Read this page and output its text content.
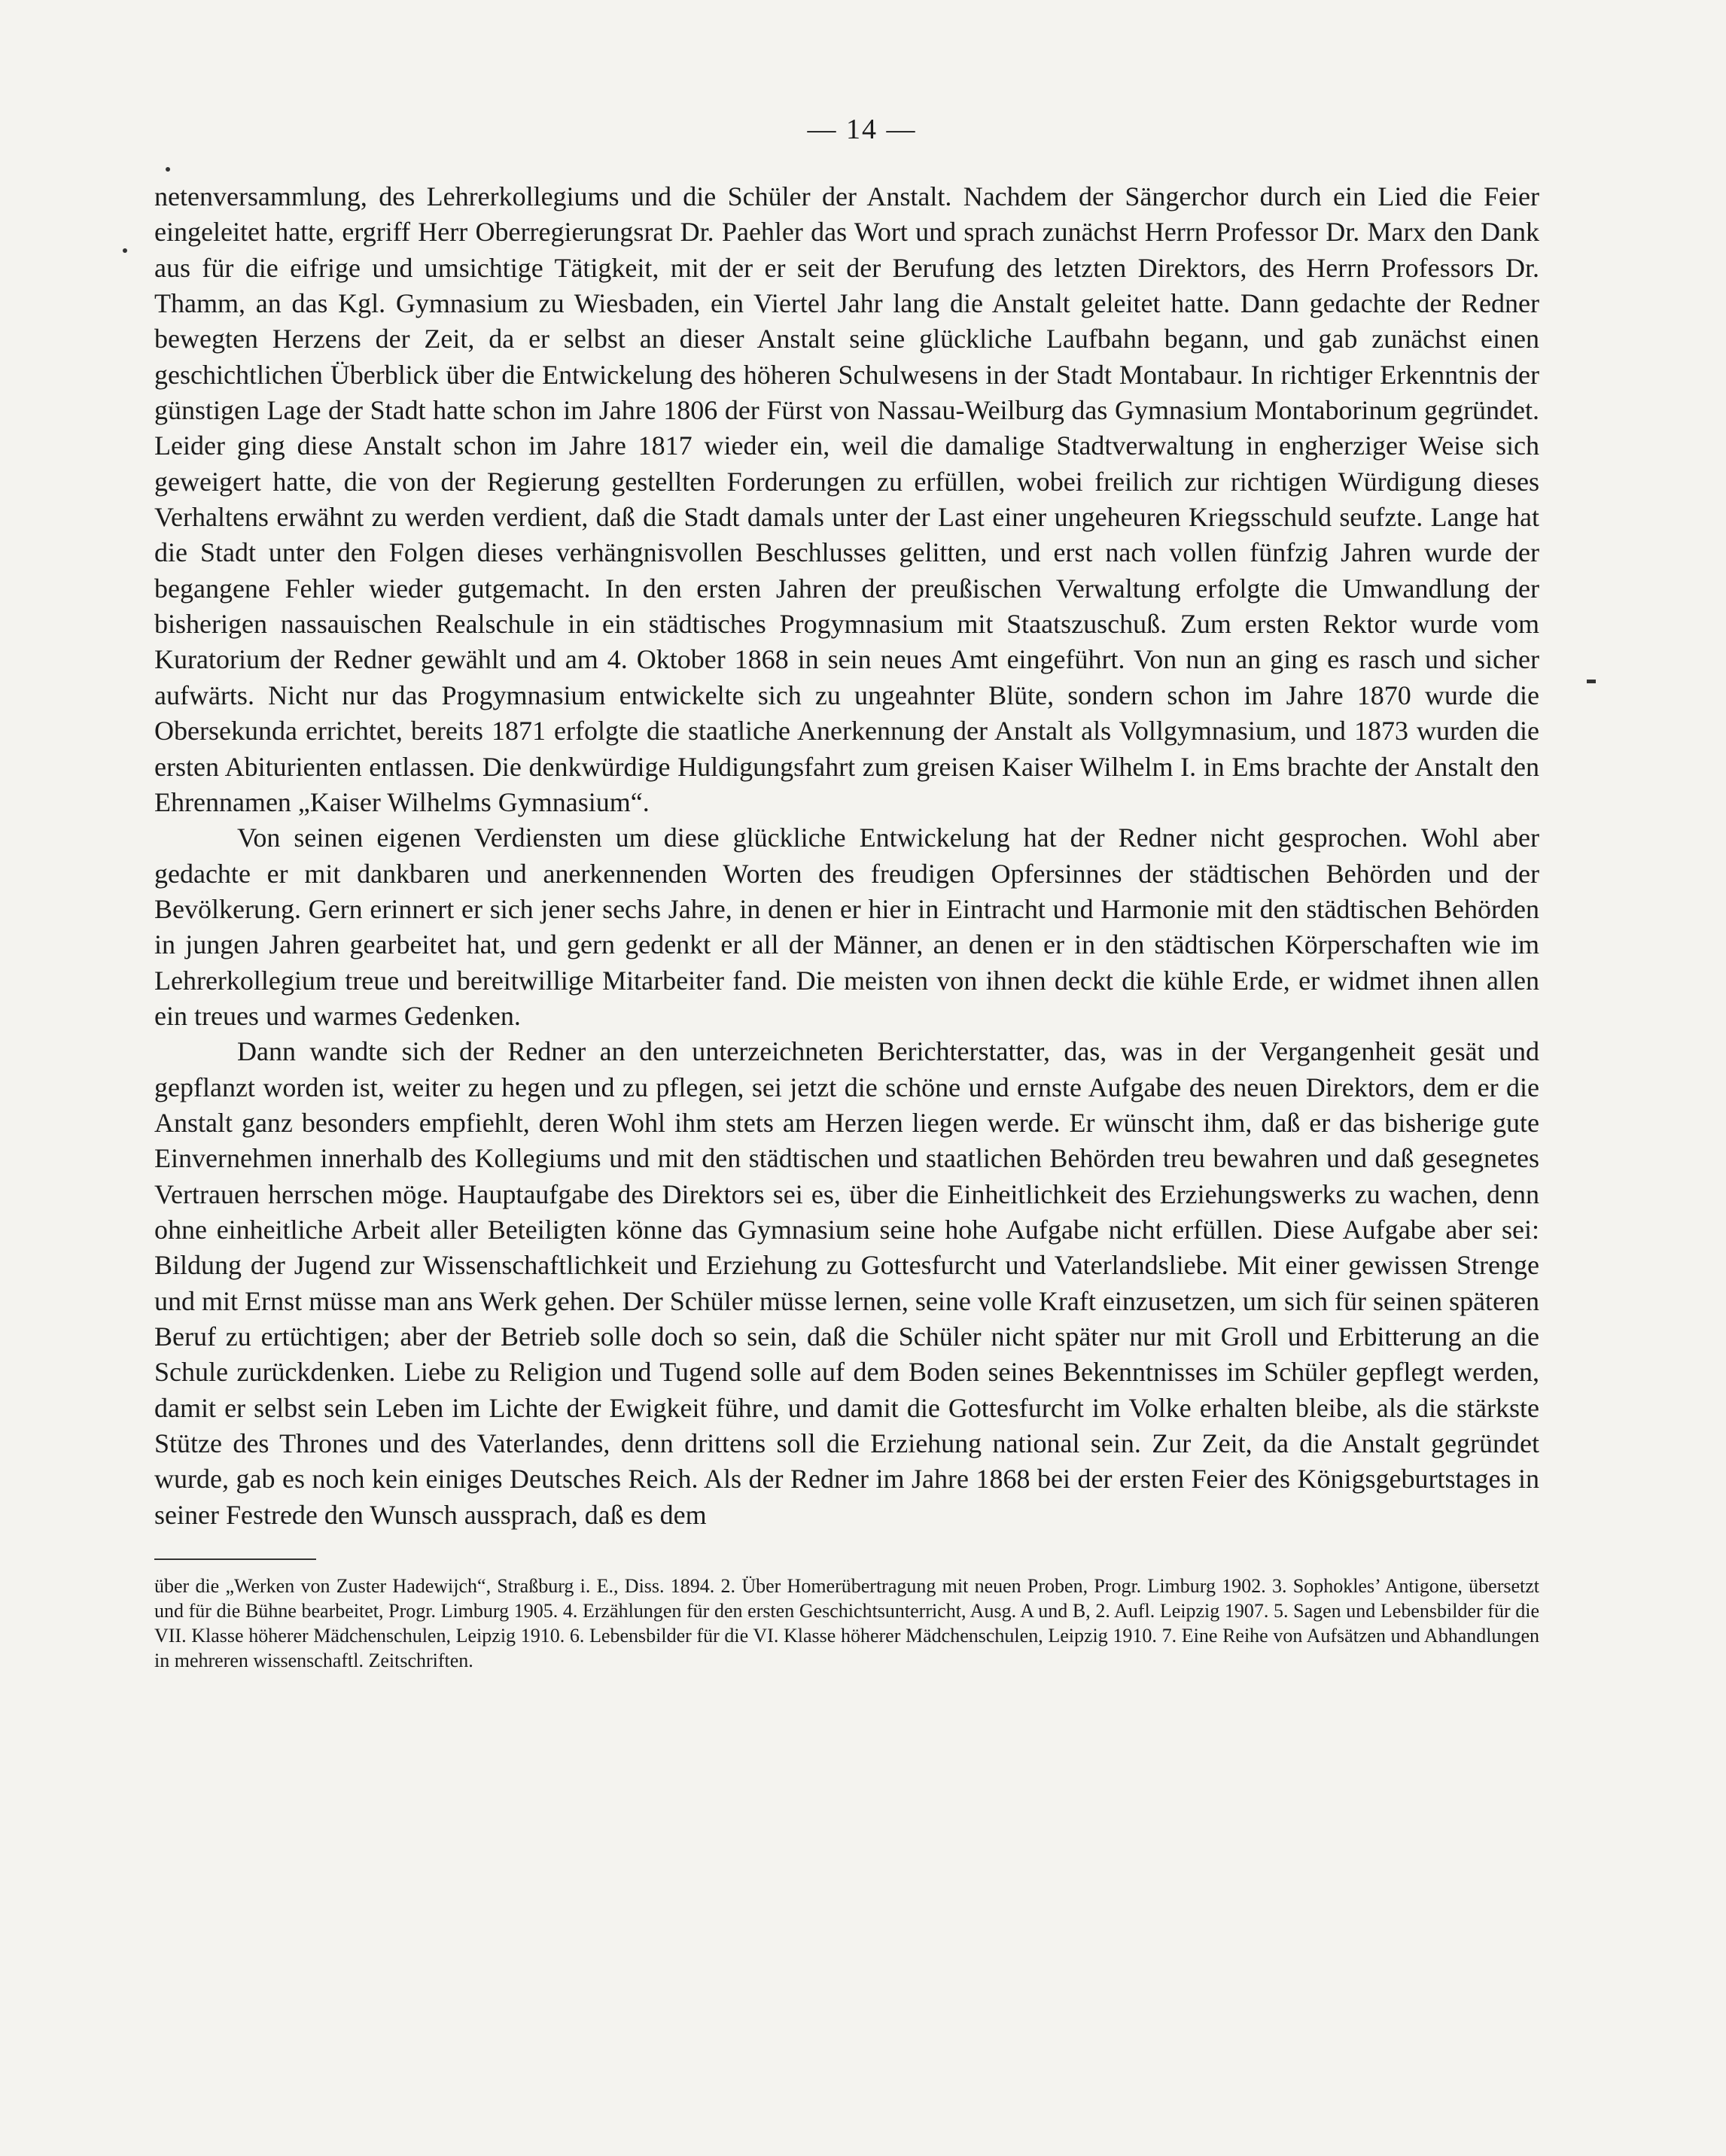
— 14 —

netenversammlung, des Lehrerkollegiums und die Schüler der Anstalt. Nachdem der Sängerchor durch ein Lied die Feier eingeleitet hatte, ergriff Herr Oberregierungsrat Dr. Paehler das Wort und sprach zunächst Herrn Professor Dr. Marx den Dank aus für die eifrige und umsichtige Tätigkeit, mit der er seit der Berufung des letzten Direktors, des Herrn Professors Dr. Thamm, an das Kgl. Gymnasium zu Wiesbaden, ein Viertel Jahr lang die Anstalt geleitet hatte. Dann gedachte der Redner bewegten Herzens der Zeit, da er selbst an dieser Anstalt seine glückliche Laufbahn begann, und gab zunächst einen geschichtlichen Überblick über die Entwickelung des höheren Schulwesens in der Stadt Montabaur. In richtiger Erkenntnis der günstigen Lage der Stadt hatte schon im Jahre 1806 der Fürst von Nassau-Weilburg das Gymnasium Montaborinum gegründet. Leider ging diese Anstalt schon im Jahre 1817 wieder ein, weil die damalige Stadtverwaltung in engherziger Weise sich geweigert hatte, die von der Regierung gestellten Forderungen zu erfüllen, wobei freilich zur richtigen Würdigung dieses Verhaltens erwähnt zu werden verdient, daß die Stadt damals unter der Last einer ungeheuren Kriegsschuld seufzte. Lange hat die Stadt unter den Folgen dieses verhängnisvollen Beschlusses gelitten, und erst nach vollen fünfzig Jahren wurde der begangene Fehler wieder gutgemacht. In den ersten Jahren der preußischen Verwaltung erfolgte die Umwandlung der bisherigen nassauischen Realschule in ein städtisches Progymnasium mit Staatszuschuß. Zum ersten Rektor wurde vom Kuratorium der Redner gewählt und am 4. Oktober 1868 in sein neues Amt eingeführt. Von nun an ging es rasch und sicher aufwärts. Nicht nur das Progymnasium entwickelte sich zu ungeahnter Blüte, sondern schon im Jahre 1870 wurde die Obersekunda errichtet, bereits 1871 erfolgte die staatliche Anerkennung der Anstalt als Vollgymnasium, und 1873 wurden die ersten Abiturienten entlassen. Die denkwürdige Huldigungsfahrt zum greisen Kaiser Wilhelm I. in Ems brachte der Anstalt den Ehrennamen „Kaiser Wilhelms Gymnasium“.

Von seinen eigenen Verdiensten um diese glückliche Entwickelung hat der Redner nicht gesprochen. Wohl aber gedachte er mit dankbaren und anerkennenden Worten des freudigen Opfersinnes der städtischen Behörden und der Bevölkerung. Gern erinnert er sich jener sechs Jahre, in denen er hier in Eintracht und Harmonie mit den städtischen Behörden in jungen Jahren gearbeitet hat, und gern gedenkt er all der Männer, an denen er in den städtischen Körperschaften wie im Lehrerkollegium treue und bereitwillige Mitarbeiter fand. Die meisten von ihnen deckt die kühle Erde, er widmet ihnen allen ein treues und warmes Gedenken.

Dann wandte sich der Redner an den unterzeichneten Berichterstatter, das, was in der Vergangenheit gesät und gepflanzt worden ist, weiter zu hegen und zu pflegen, sei jetzt die schöne und ernste Aufgabe des neuen Direktors, dem er die Anstalt ganz besonders empfiehlt, deren Wohl ihm stets am Herzen liegen werde. Er wünscht ihm, daß er das bisherige gute Einvernehmen innerhalb des Kollegiums und mit den städtischen und staatlichen Behörden treu bewahren und daß gesegnetes Vertrauen herrschen möge. Hauptaufgabe des Direktors sei es, über die Einheitlichkeit des Erziehungswerks zu wachen, denn ohne einheitliche Arbeit aller Beteiligten könne das Gymnasium seine hohe Aufgabe nicht erfüllen. Diese Aufgabe aber sei: Bildung der Jugend zur Wissenschaftlichkeit und Erziehung zu Gottesfurcht und Vaterlandsliebe. Mit einer gewissen Strenge und mit Ernst müsse man ans Werk gehen. Der Schüler müsse lernen, seine volle Kraft einzusetzen, um sich für seinen späteren Beruf zu ertüchtigen; aber der Betrieb solle doch so sein, daß die Schüler nicht später nur mit Groll und Erbitterung an die Schule zurückdenken. Liebe zu Religion und Tugend solle auf dem Boden seines Bekenntnisses im Schüler gepflegt werden, damit er selbst sein Leben im Lichte der Ewigkeit führe, und damit die Gottesfurcht im Volke erhalten bleibe, als die stärkste Stütze des Thrones und des Vaterlandes, denn drittens soll die Erziehung national sein. Zur Zeit, da die Anstalt gegründet wurde, gab es noch kein einiges Deutsches Reich. Als der Redner im Jahre 1868 bei der ersten Feier des Königsgeburtstages in seiner Festrede den Wunsch aussprach, daß es dem

über die „Werken von Zuster Hadewijch“, Straßburg i. E., Diss. 1894. 2. Über Homerübertragung mit neuen Proben, Progr. Limburg 1902. 3. Sophokles’ Antigone, übersetzt und für die Bühne bearbeitet, Progr. Limburg 1905. 4. Erzählungen für den ersten Geschichtsunterricht, Ausg. A und B, 2. Aufl. Leipzig 1907. 5. Sagen und Lebensbilder für die VII. Klasse höherer Mädchenschulen, Leipzig 1910. 6. Lebensbilder für die VI. Klasse höherer Mädchenschulen, Leipzig 1910. 7. Eine Reihe von Aufsätzen und Abhandlungen in mehreren wissenschaftl. Zeitschriften.
